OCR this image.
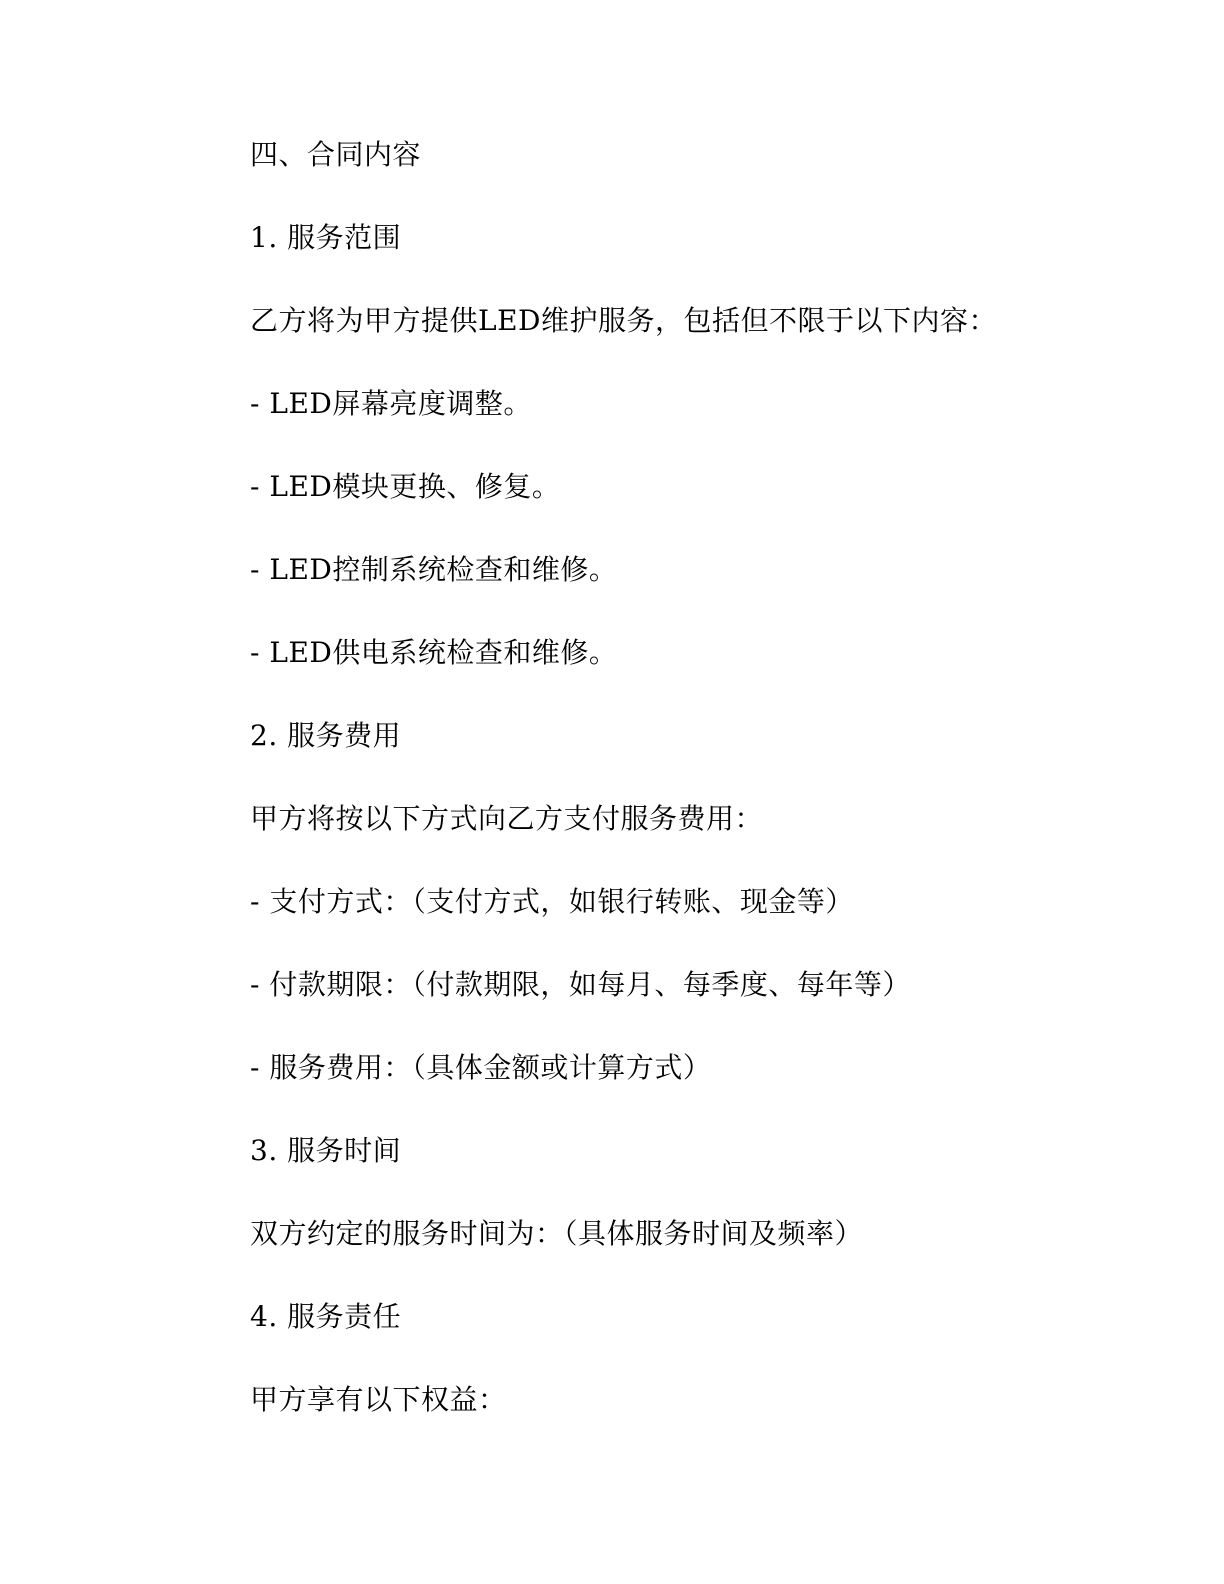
四、合同内容
1. 服务范围
乙方将为甲方提供LED维护服务，包括但不限于以下内容：
- LED屏幕亮度调整。
- LED模块更换、修复。
- LED控制系统检查和维修。
- LED供电系统检查和维修。
2. 服务费用
甲方将按以下方式向乙方支付服务费用：
- 支付方式：（支付方式，如银行转账、现金等）
- 付款期限：（付款期限，如每月、每季度、每年等）
- 服务费用：（具体金额或计算方式）
3. 服务时间
双方约定的服务时间为：（具体服务时间及频率）
4. 服务责任
甲方享有以下权益：
